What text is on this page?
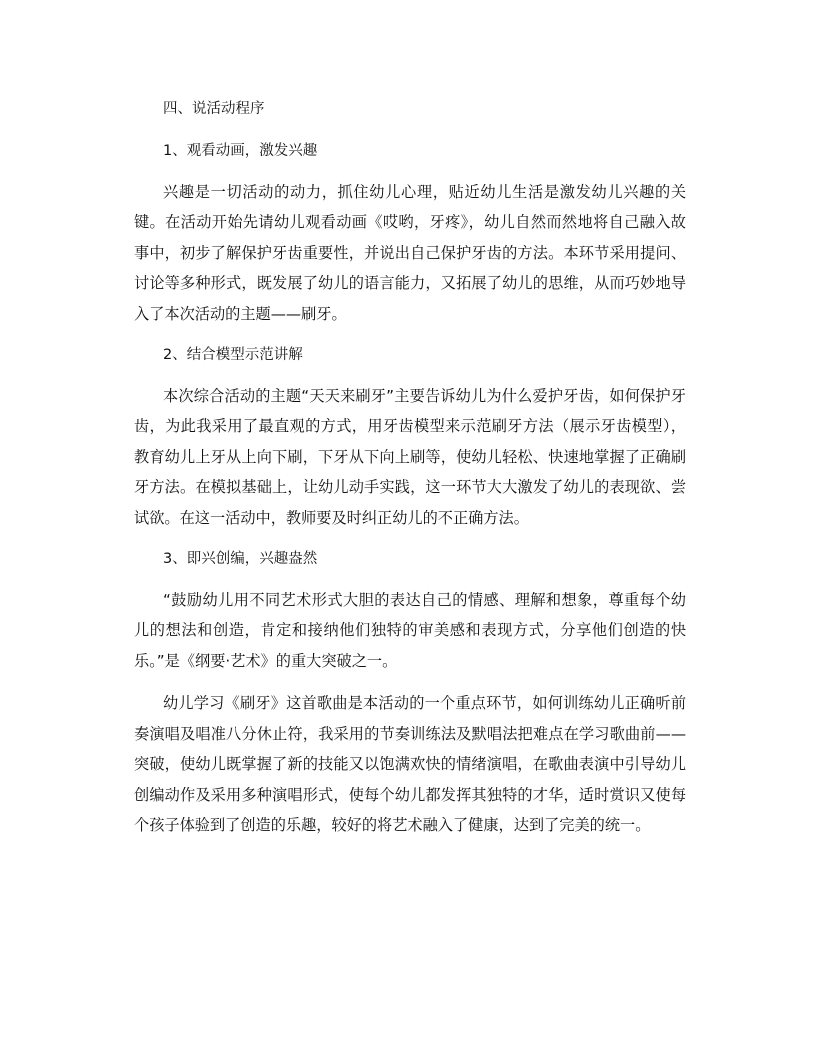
四、说活动程序

1、观看动画，激发兴趣

兴趣是一切活动的动力，抓住幼儿心理，贴近幼儿生活是激发幼儿兴趣的关键。在活动开始先请幼儿观看动画《哎哟，牙疼》，幼儿自然而然地将自己融入故事中，初步了解保护牙齿重要性，并说出自己保护牙齿的方法。本环节采用提问、讨论等多种形式，既发展了幼儿的语言能力，又拓展了幼儿的思维，从而巧妙地导入了本次活动的主题——刷牙。

2、结合模型示范讲解

本次综合活动的主题“天天来刷牙”主要告诉幼儿为什么爱护牙齿，如何保护牙齿，为此我采用了最直观的方式，用牙齿模型来示范刷牙方法（展示牙齿模型），教育幼儿上牙从上向下刷，下牙从下向上刷等，使幼儿轻松、快速地掌握了正确刷牙方法。在模拟基础上，让幼儿动手实践，这一环节大大激发了幼儿的表现欲、尝试欲。在这一活动中，教师要及时纠正幼儿的不正确方法。

3、即兴创编，兴趣盎然

“鼓励幼儿用不同艺术形式大胆的表达自己的情感、理解和想象，尊重每个幼儿的想法和创造，肯定和接纳他们独特的审美感和表现方式，分享他们创造的快乐。”是《纲要·艺术》的重大突破之一。

幼儿学习《刷牙》这首歌曲是本活动的一个重点环节，如何训练幼儿正确听前奏演唱及唱准八分休止符，我采用的节奏训练法及默唱法把难点在学习歌曲前——突破，使幼儿既掌握了新的技能又以饱满欢快的情绪演唱，在歌曲表演中引导幼儿创编动作及采用多种演唱形式，使每个幼儿都发挥其独特的才华，适时赏识又使每个孩子体验到了创造的乐趣，较好的将艺术融入了健康，达到了完美的统一。
